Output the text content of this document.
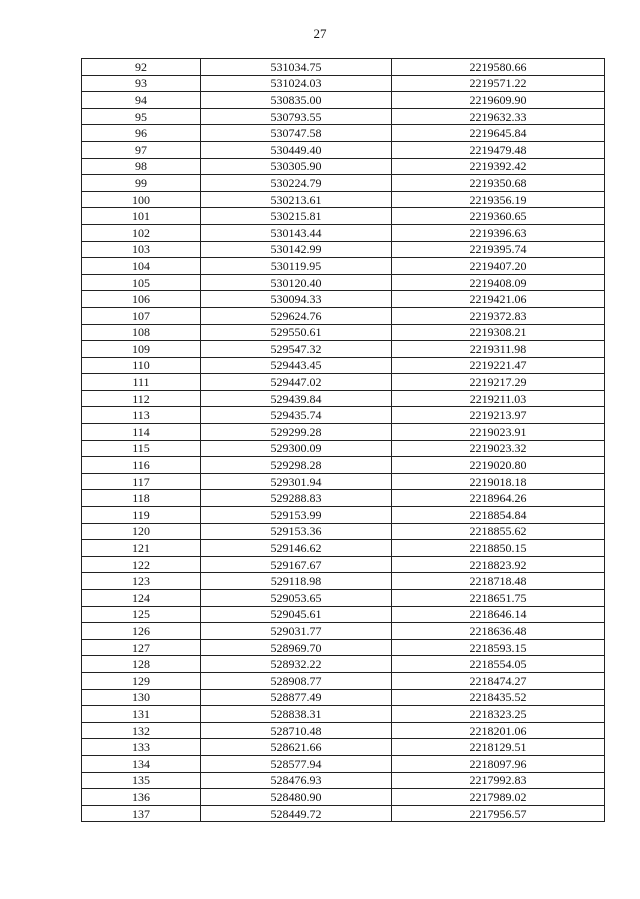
27
92	531034.75	2219580.66
93	531024.03	2219571.22
94	530835.00	2219609.90
95	530793.55	2219632.33
96	530747.58	2219645.84
97	530449.40	2219479.48
98	530305.90	2219392.42
99	530224.79	2219350.68
100	530213.61	2219356.19
101	530215.81	2219360.65
102	530143.44	2219396.63
103	530142.99	2219395.74
104	530119.95	2219407.20
105	530120.40	2219408.09
106	530094.33	2219421.06
107	529624.76	2219372.83
108	529550.61	2219308.21
109	529547.32	2219311.98
110	529443.45	2219221.47
111	529447.02	2219217.29
112	529439.84	2219211.03
113	529435.74	2219213.97
114	529299.28	2219023.91
115	529300.09	2219023.32
116	529298.28	2219020.80
117	529301.94	2219018.18
118	529288.83	2218964.26
119	529153.99	2218854.84
120	529153.36	2218855.62
121	529146.62	2218850.15
122	529167.67	2218823.92
123	529118.98	2218718.48
124	529053.65	2218651.75
125	529045.61	2218646.14
126	529031.77	2218636.48
127	528969.70	2218593.15
128	528932.22	2218554.05
129	528908.77	2218474.27
130	528877.49	2218435.52
131	528838.31	2218323.25
132	528710.48	2218201.06
133	528621.66	2218129.51
134	528577.94	2218097.96
135	528476.93	2217992.83
136	528480.90	2217989.02
137	528449.72	2217956.57
